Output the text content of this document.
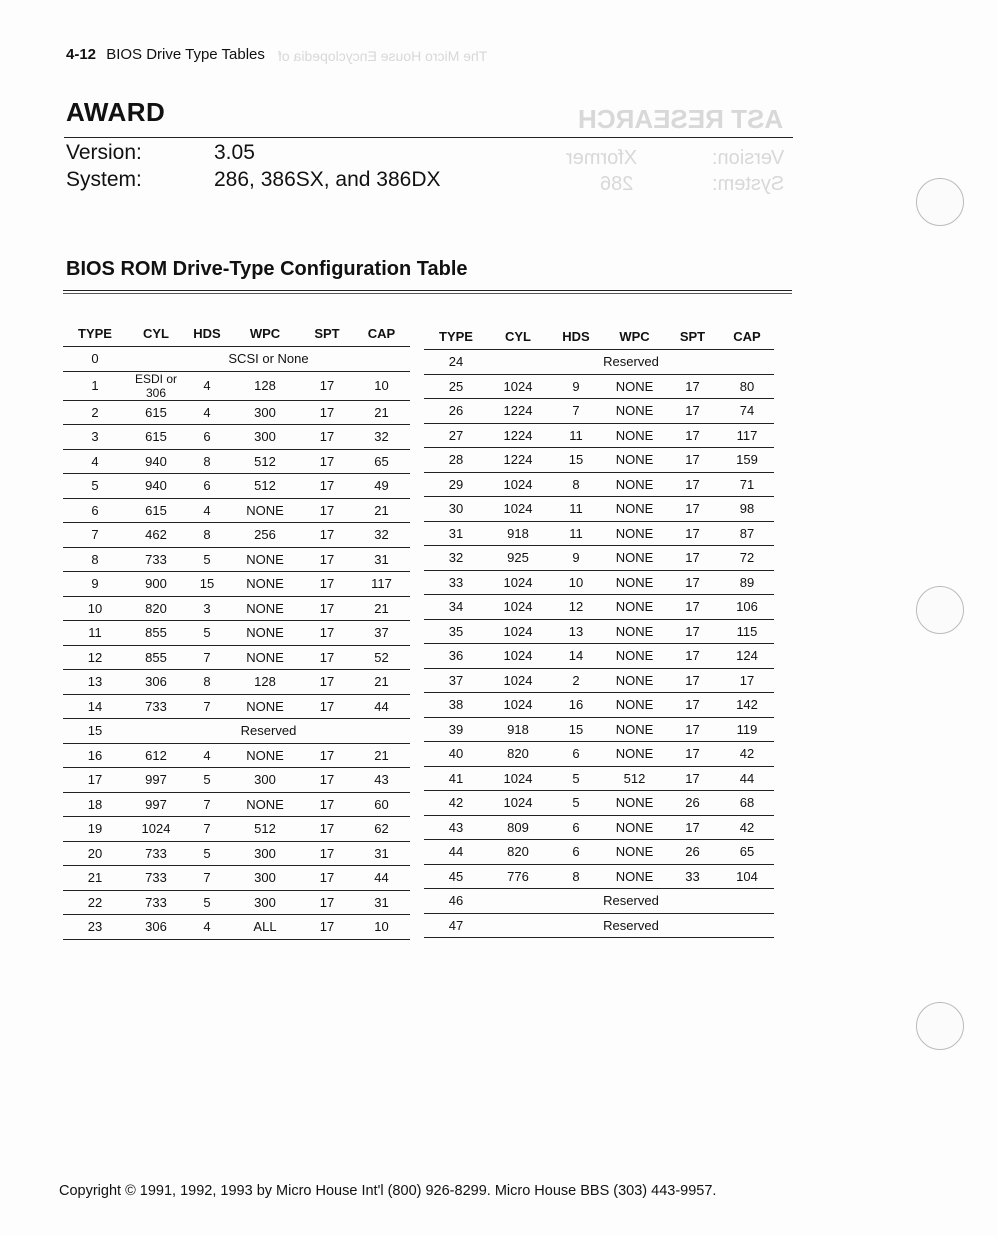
The Micro House Encyclopedia of
AST RESEARCH
Version:
Xformer
System:
286
4-12 BIOS Drive Type Tables
AWARD
Version:	3.05
System:	286, 386SX, and 386DX
BIOS ROM Drive-Type Configuration Table
TYPE	CYL	HDS	WPC	SPT	CAP
0	SCSI or None				
1	ESDI or 306	4	128	17	10
2	615	4	300	17	21
3	615	6	300	17	32
4	940	8	512	17	65
5	940	6	512	17	49
6	615	4	NONE	17	21
7	462	8	256	17	32
8	733	5	NONE	17	31
9	900	15	NONE	17	117
10	820	3	NONE	17	21
11	855	5	NONE	17	37
12	855	7	NONE	17	52
13	306	8	128	17	21
14	733	7	NONE	17	44
15	Reserved				
16	612	4	NONE	17	21
17	997	5	300	17	43
18	997	7	NONE	17	60
19	1024	7	512	17	62
20	733	5	300	17	31
21	733	7	300	17	44
22	733	5	300	17	31
23	306	4	ALL	17	10
TYPE	CYL	HDS	WPC	SPT	CAP
24	Reserved				
25	1024	9	NONE	17	80
26	1224	7	NONE	17	74
27	1224	11	NONE	17	117
28	1224	15	NONE	17	159
29	1024	8	NONE	17	71
30	1024	11	NONE	17	98
31	918	11	NONE	17	87
32	925	9	NONE	17	72
33	1024	10	NONE	17	89
34	1024	12	NONE	17	106
35	1024	13	NONE	17	115
36	1024	14	NONE	17	124
37	1024	2	NONE	17	17
38	1024	16	NONE	17	142
39	918	15	NONE	17	119
40	820	6	NONE	17	42
41	1024	5	512	17	44
42	1024	5	NONE	26	68
43	809	6	NONE	17	42
44	820	6	NONE	26	65
45	776	8	NONE	33	104
46	Reserved				
47	Reserved				
Copyright © 1991, 1992, 1993 by Micro House Int'l (800) 926-8299. Micro House BBS (303) 443-9957.
